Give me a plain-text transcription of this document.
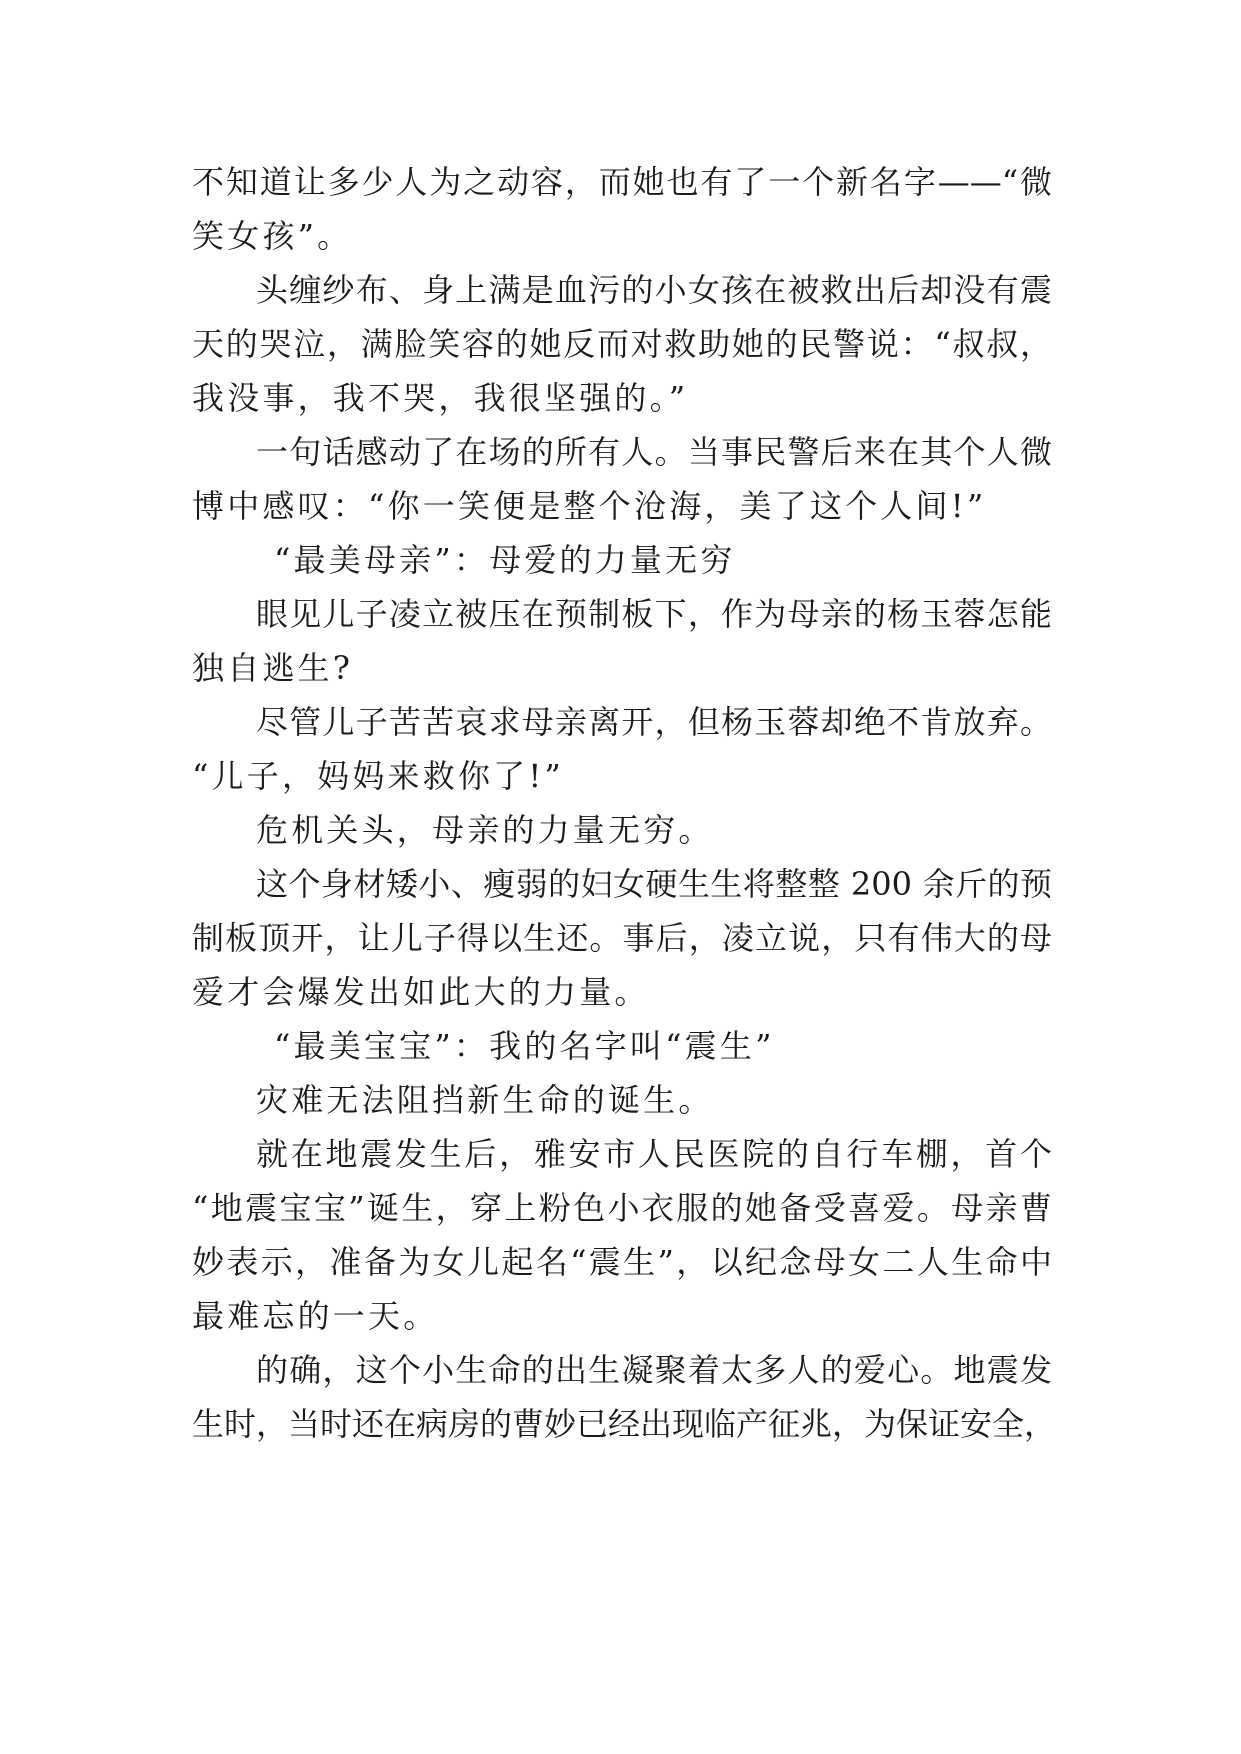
不知道让多少人为之动容，而她也有了一个新名字——“微
笑女孩”。
头缠纱布、身上满是血污的小女孩在被救出后却没有震
天的哭泣，满脸笑容的她反而对救助她的民警说：“叔叔，
我没事，我不哭，我很坚强的。”
一句话感动了在场的所有人。当事民警后来在其个人微
博中感叹：“你一笑便是整个沧海，美了这个人间!”
“最美母亲”：母爱的力量无穷
眼见儿子凌立被压在预制板下，作为母亲的杨玉蓉怎能
独自逃生?
尽管儿子苦苦哀求母亲离开，但杨玉蓉却绝不肯放弃。
“儿子，妈妈来救你了!”
危机关头，母亲的力量无穷。
这个身材矮小、瘦弱的妇女硬生生将整整 200 余斤的预
制板顶开，让儿子得以生还。事后，凌立说，只有伟大的母
爱才会爆发出如此大的力量。
“最美宝宝”：我的名字叫“震生”
灾难无法阻挡新生命的诞生。
就在地震发生后，雅安市人民医院的自行车棚，首个
“地震宝宝”诞生，穿上粉色小衣服的她备受喜爱。母亲曹
妙表示，准备为女儿起名“震生”，以纪念母女二人生命中
最难忘的一天。
的确，这个小生命的出生凝聚着太多人的爱心。地震发
生时，当时还在病房的曹妙已经出现临产征兆，为保证安全，
